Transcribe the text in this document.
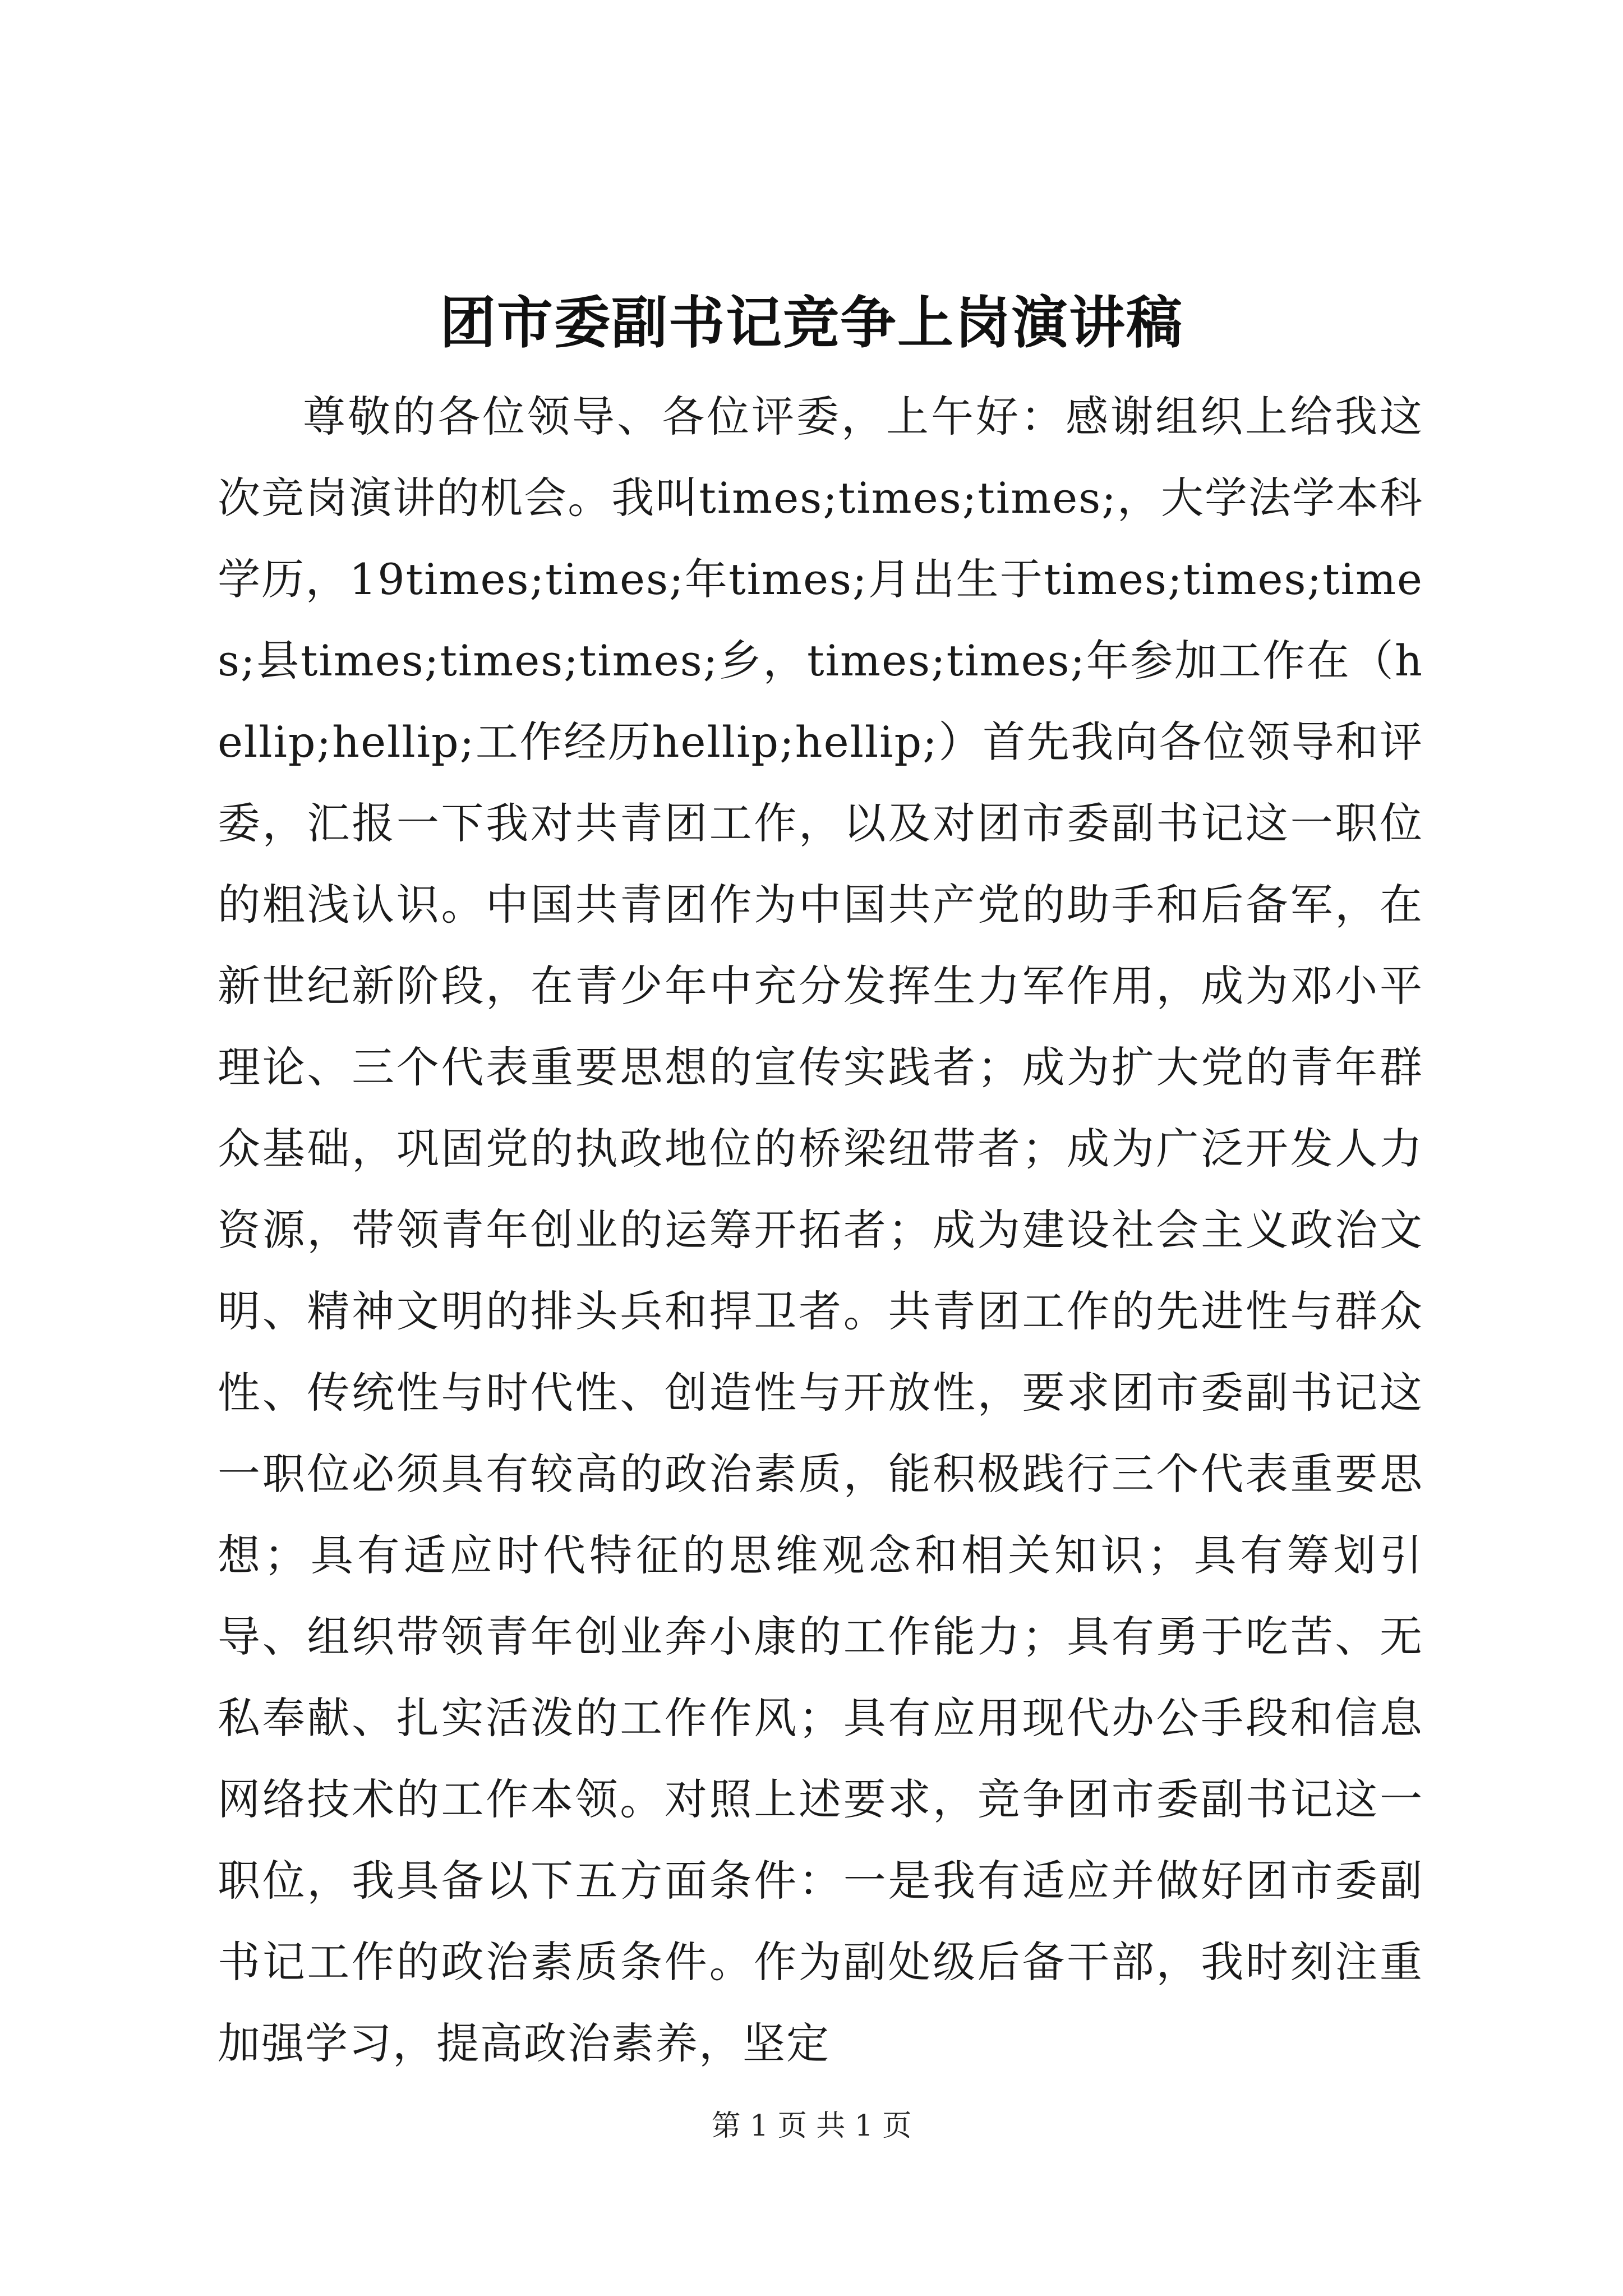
团市委副书记竞争上岗演讲稿

尊敬的各位领导、各位评委，上午好：感谢组织上给我这次竞岗演讲的机会。我叫times;times;times;，大学法学本科学历，19times;times;年times;月出生于times;times;times;县times;times;times;乡，times;times;年参加工作在（hellip;hellip;工作经历hellip;hellip;）首先我向各位领导和评委，汇报一下我对共青团工作，以及对团市委副书记这一职位的粗浅认识。中国共青团作为中国共产党的助手和后备军，在新世纪新阶段，在青少年中充分发挥生力军作用，成为邓小平理论、三个代表重要思想的宣传实践者；成为扩大党的青年群众基础，巩固党的执政地位的桥梁纽带者；成为广泛开发人力资源，带领青年创业的运筹开拓者；成为建设社会主义政治文明、精神文明的排头兵和捍卫者。共青团工作的先进性与群众性、传统性与时代性、创造性与开放性，要求团市委副书记这一职位必须具有较高的政治素质，能积极践行三个代表重要思想；具有适应时代特征的思维观念和相关知识；具有筹划引导、组织带领青年创业奔小康的工作能力；具有勇于吃苦、无私奉献、扎实活泼的工作作风；具有应用现代办公手段和信息网络技术的工作本领。对照上述要求，竞争团市委副书记这一职位，我具备以下五方面条件：一是我有适应并做好团市委副书记工作的政治素质条件。作为副处级后备干部，我时刻注重加强学习，提高政治素养，坚定

第 1 页 共 1 页
